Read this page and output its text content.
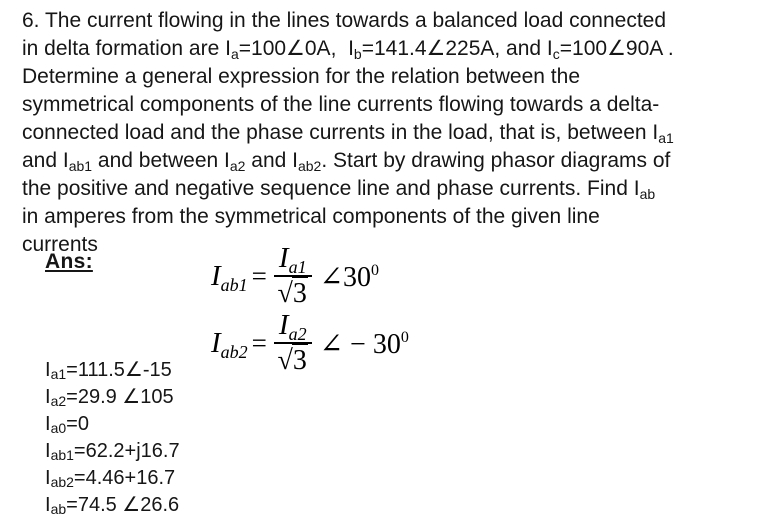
6. The current flowing in the lines towards a balanced load connected
in delta formation are $I_a=100\angle 0A$,  $I_b=141.4\angle 225A$, and $I_c=100\angle 90A$ .
Determine a general expression for the relation between the
symmetrical components of the line currents flowing towards a delta-
connected load and the phase currents in the load, that is, between $I_{a1}$
and $I_{ab1}$ and between $I_{a2}$ and $I_{ab2}$. Start by drawing phasor diagrams of
the positive and negative sequence line and phase currents. Find $I_{ab}$
in amperes from the symmetrical components of the given line
currents
Ans:	$I_{ab1} = \frac{I_{a1}}{√3}$ $\angle 30^0$
$I_{ab2} = \frac{I_{a2}}{√3}$ ∠ − $30^0$
$I_{a1}=111.5\angle-15$
$I_{a2}=29.9$ ∠105
$I_{a0}=0$
$I_{ab1}=62.2+j16.7$
$I_{ab2}=4.46+16.7$
$I_{ab}=74.5$ ∠26.6
